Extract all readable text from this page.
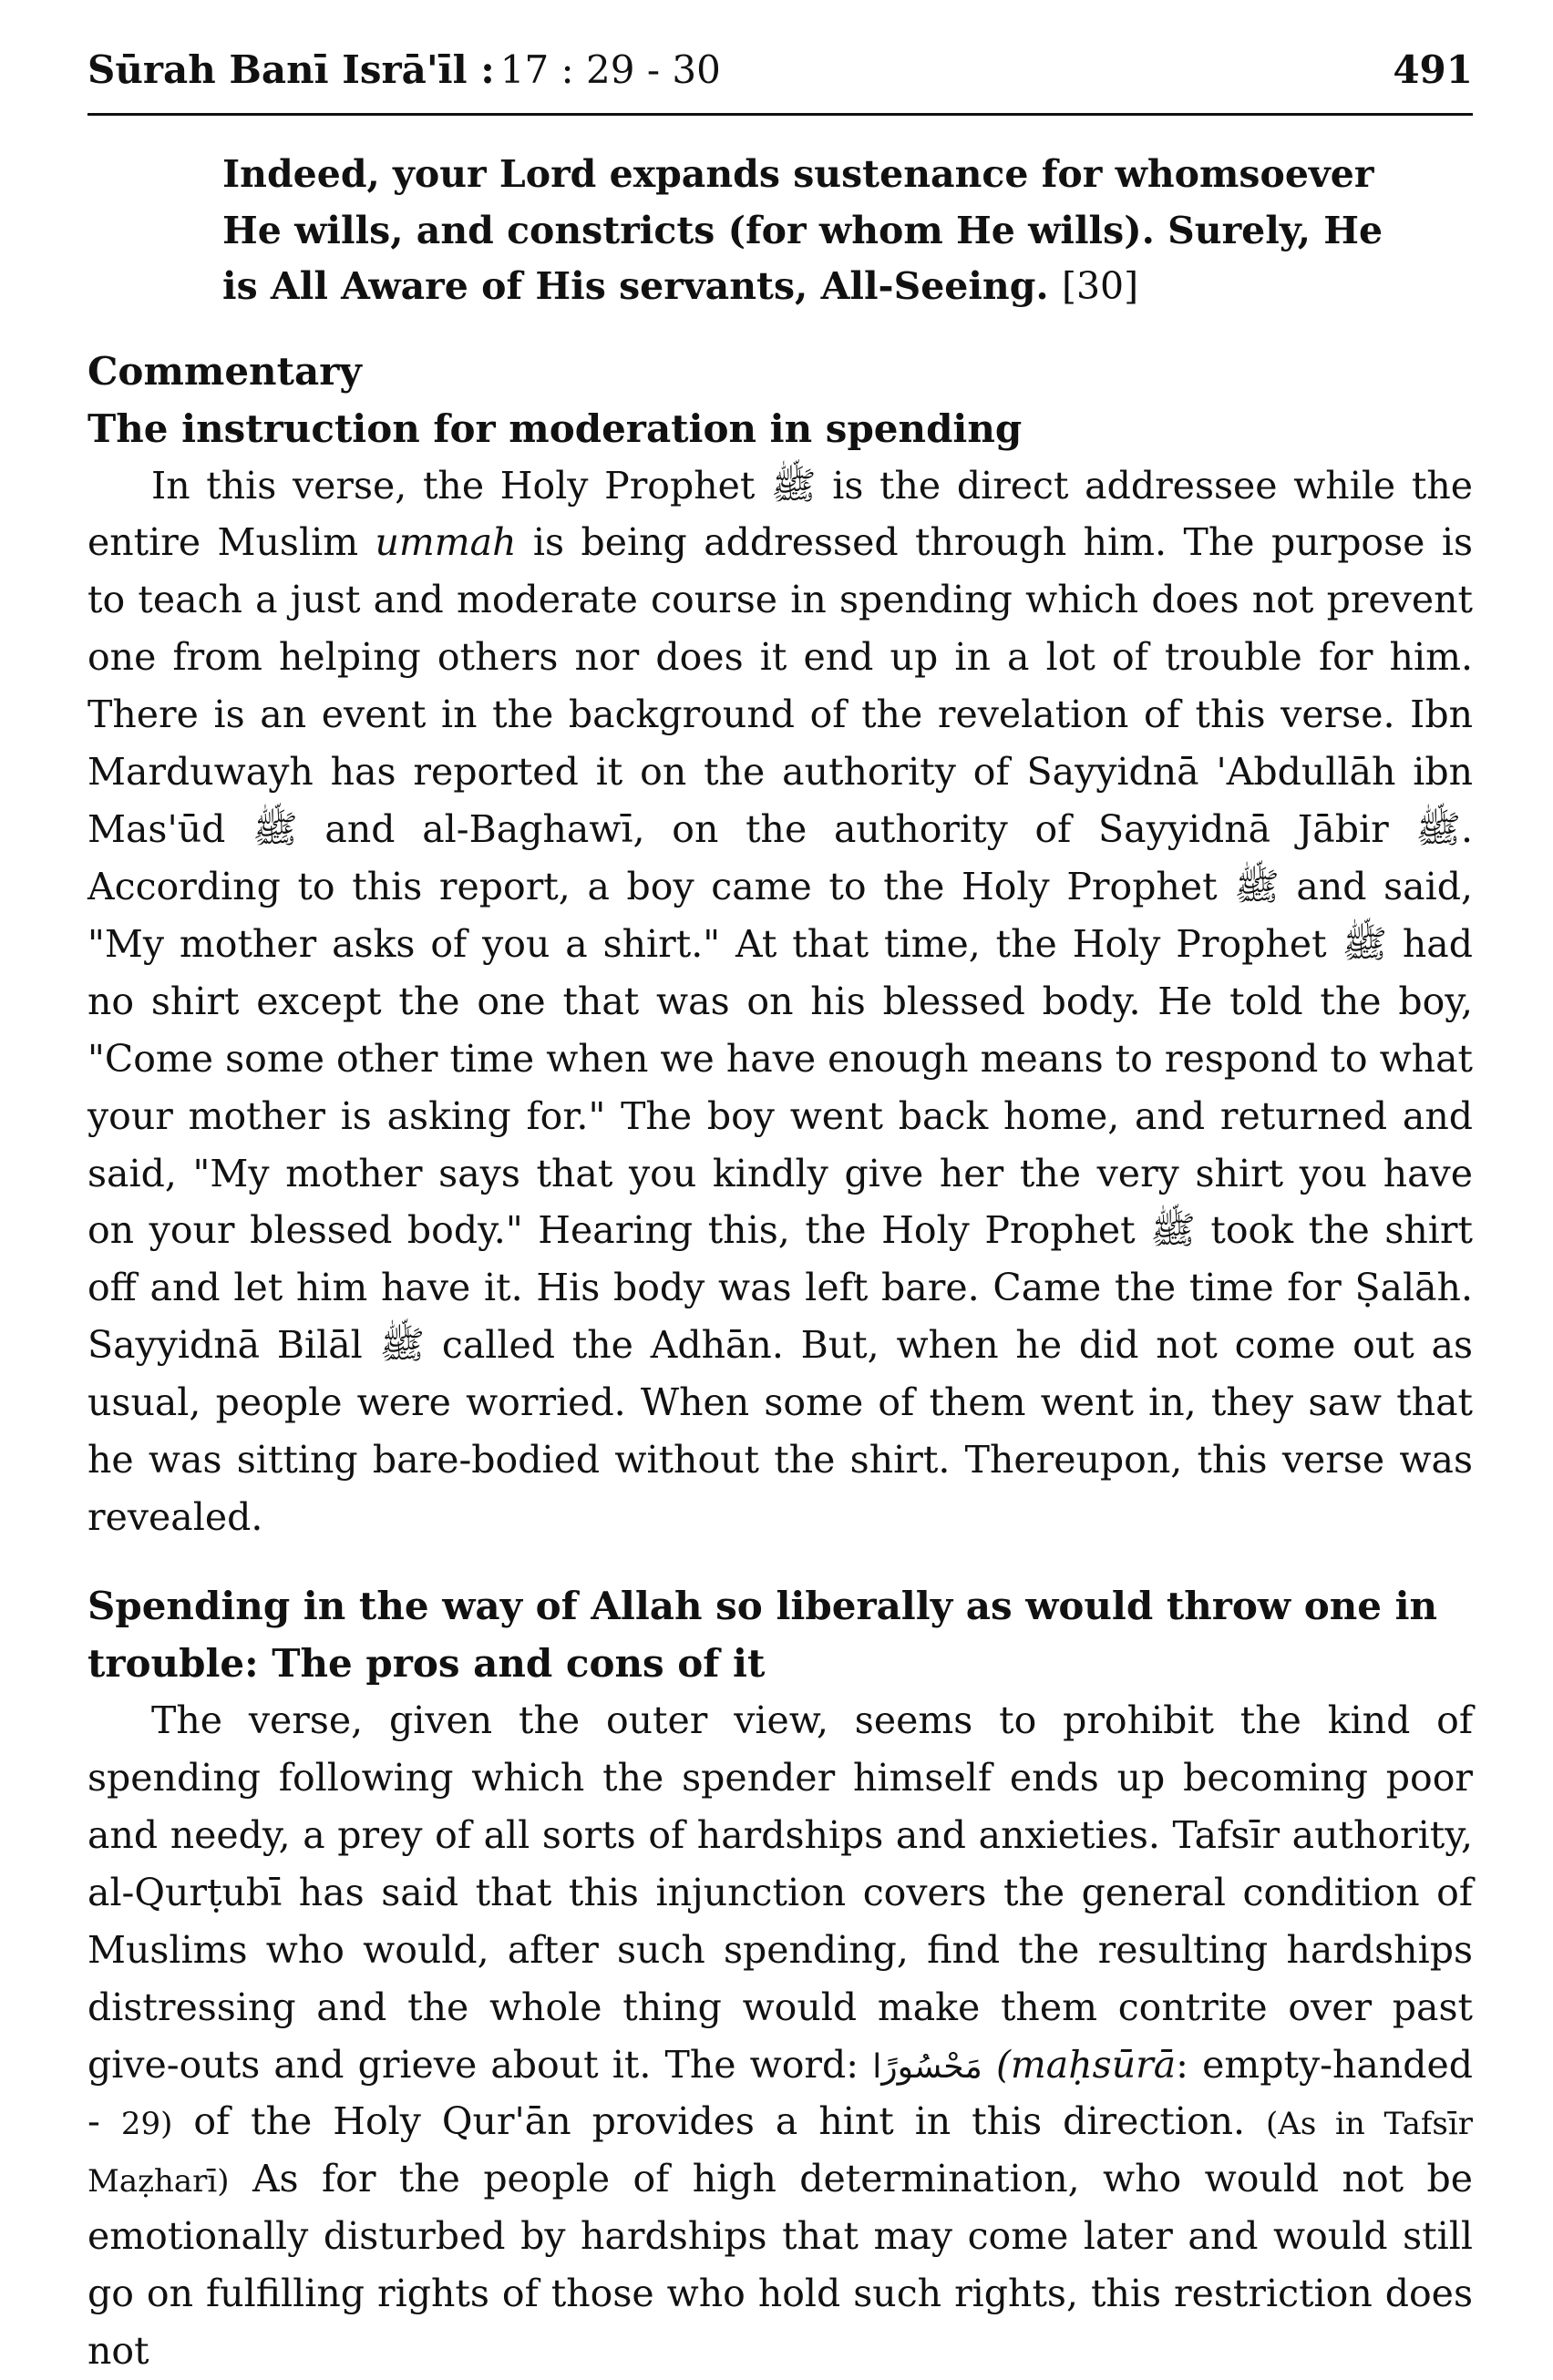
Sūrah Banī Isrā'īl : 17 : 29 - 30	491
Indeed, your Lord expands sustenance for whomsoever He wills, and constricts (for whom He wills). Surely, He is All Aware of His servants, All-Seeing. [30]
Commentary
The instruction for moderation in spending

In this verse, the Holy Prophet ﷺ is the direct addressee while the entire Muslim ummah is being addressed through him. The purpose is to teach a just and moderate course in spending which does not prevent one from helping others nor does it end up in a lot of trouble for him. There is an event in the background of the revelation of this verse. Ibn Marduwayh has reported it on the authority of Sayyidnā 'Abdullāh ibn Mas'ūd ﷺ and al-Baghawī, on the authority of Sayyidnā Jābir ﷺ. According to this report, a boy came to the Holy Prophet ﷺ and said, "My mother asks of you a shirt." At that time, the Holy Prophet ﷺ had no shirt except the one that was on his blessed body. He told the boy, "Come some other time when we have enough means to respond to what your mother is asking for." The boy went back home, and returned and said, "My mother says that you kindly give her the very shirt you have on your blessed body." Hearing this, the Holy Prophet ﷺ took the shirt off and let him have it. His body was left bare. Came the time for Ṣalāh. Sayyidnā Bilāl ﷺ called the Adhān. But, when he did not come out as usual, people were worried. When some of them went in, they saw that he was sitting bare-bodied without the shirt. Thereupon, this verse was revealed.

Spending in the way of Allah so liberally as would throw one in trouble: The pros and cons of it

The verse, given the outer view, seems to prohibit the kind of spending following which the spender himself ends up becoming poor and needy, a prey of all sorts of hardships and anxieties. Tafsīr authority, al-Qurṭubī has said that this injunction covers the general condition of Muslims who would, after such spending, find the resulting hardships distressing and the whole thing would make them contrite over past give-outs and grieve about it. The word: مَحْسُورًا (maḥsūrā: empty-handed - 29) of the Holy Qur'ān provides a hint in this direction. (As in Tafsīr Maẓharī) As for the people of high determination, who would not be emotionally disturbed by hardships that may come later and would still go on fulfilling rights of those who hold such rights, this restriction does not
